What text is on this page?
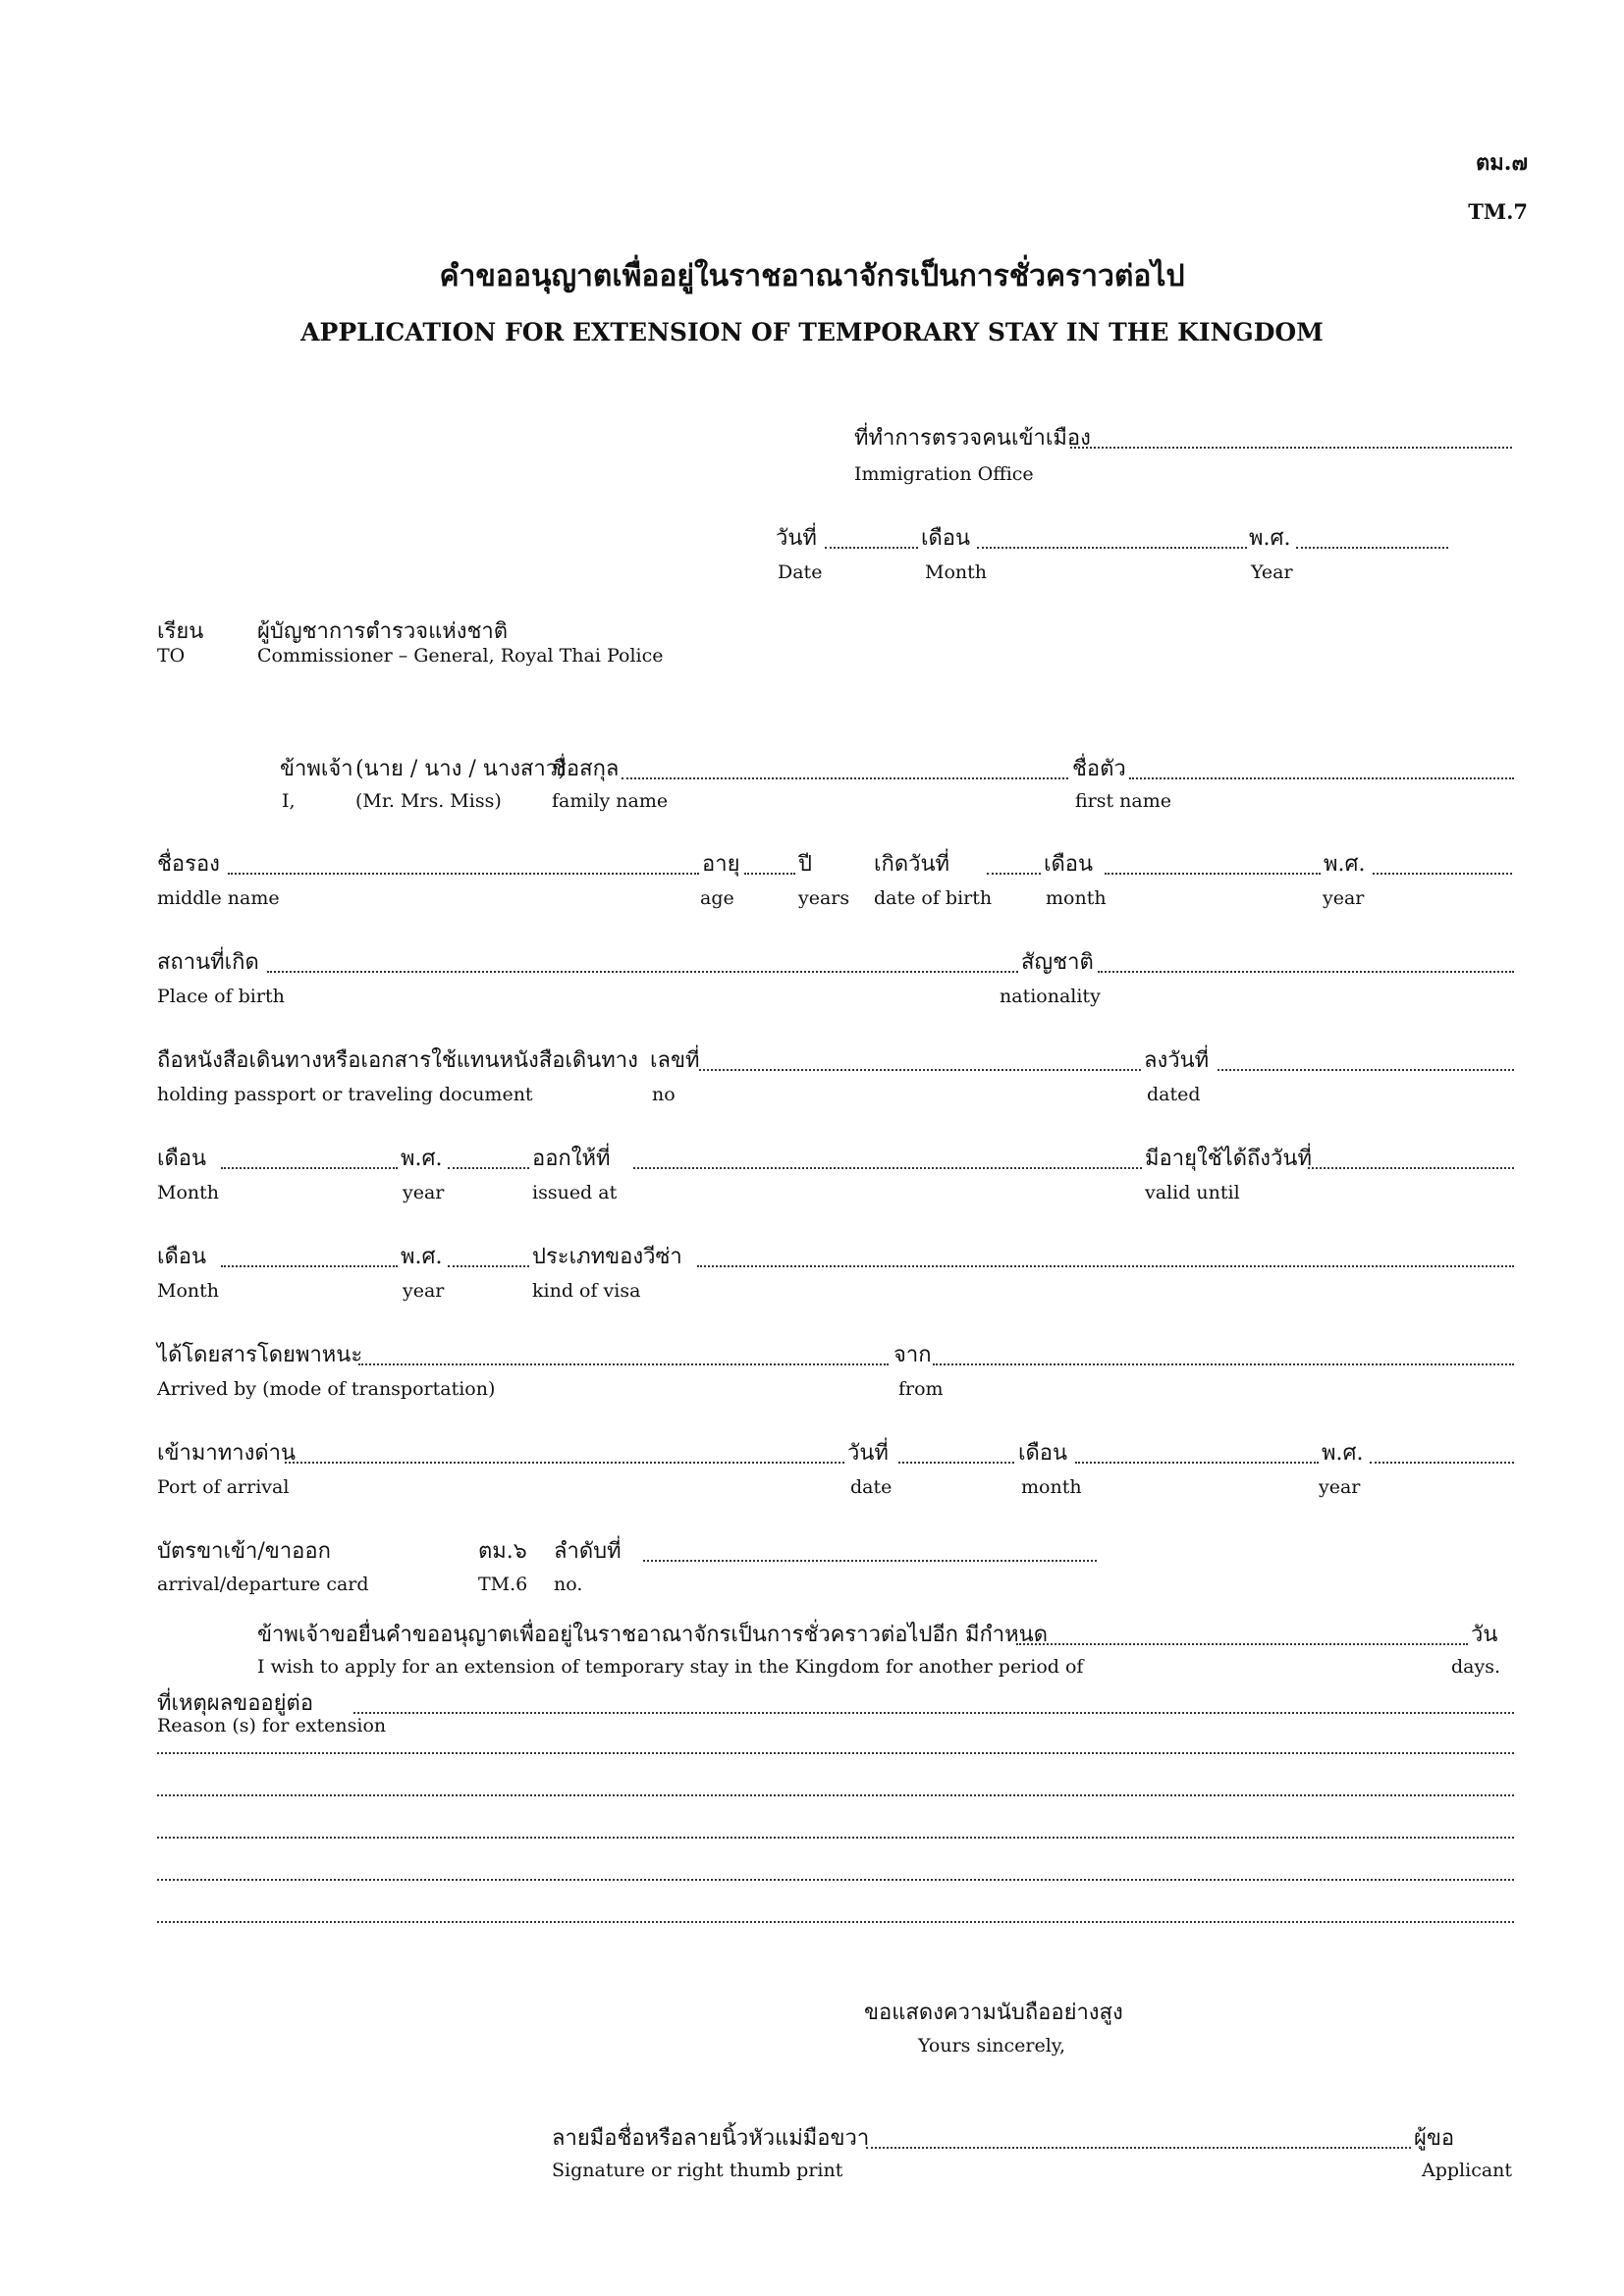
ตม.๗
TM.7
คำขออนุญาตเพื่ออยู่ในราชอาณาจักรเป็นการชั่วคราวต่อไป
APPLICATION FOR EXTENSION OF TEMPORARY STAY IN THE KINGDOM
ที่ทำการตรวจคนเข้าเมือง
Immigration Office
วันที่	เดือน	พ.ศ.
Date	Month	Year
เรียน ผู้บัญชาการตำรวจแห่งชาติ
TO	Commissioner – General, Royal Thai Police
ข้าพเจ้า (นาย / นาง / นางสาว)
ชื่อสกุล	ชื่อตัว
I,	(Mr. Mrs. Miss)	family name	first name
ชื่อรอง	อายุ	ปี	เกิดวันที่	เดือน	พ.ศ.
middle name	age	years date of birth	month	year
สถานที่เกิด	สัญชาติ
Place of birth	nationality
ถือหนังสือเดินทางหรือเอกสารใช้แทนหนังสือเดินทาง เลขที่	ลงวันที่
holding passport or traveling document	no	dated
เดือน	พ.ศ.	ออกให้ที่	มีอายุใช้ได้ถึงวันที่
Month	year	issued at	valid until
เดือน	พ.ศ.	ประเภทของวีซ่า
Month	year	kind of visa
ได้โดยสารโดยพาหนะ	จาก
Arrived by (mode of transportation)	from
เข้ามาทางด่าน	วันที่	เดือน	พ.ศ.
Port of arrival	date	month	year
บัตรขาเข้า/ขาออก	ตม.๖ ลำดับที่
arrival/departure card	TM.6 no.
ข้าพเจ้าขอยื่นคำขออนุญาตเพื่ออยู่ในราชอาณาจักรเป็นการชั่วคราวต่อไปอีก มีกำหนด	วัน
I wish to apply for an extension of temporary stay in the Kingdom for another period of	days.
ที่เหตุผลขออยู่ต่อ
Reason (s) for extension
ขอแสดงความนับถืออย่างสูง
Yours sincerely,
ลายมือชื่อหรือลายนิ้วหัวแม่มือขวา	ผู้ขอ
Signature or right thumb print	Applicant
